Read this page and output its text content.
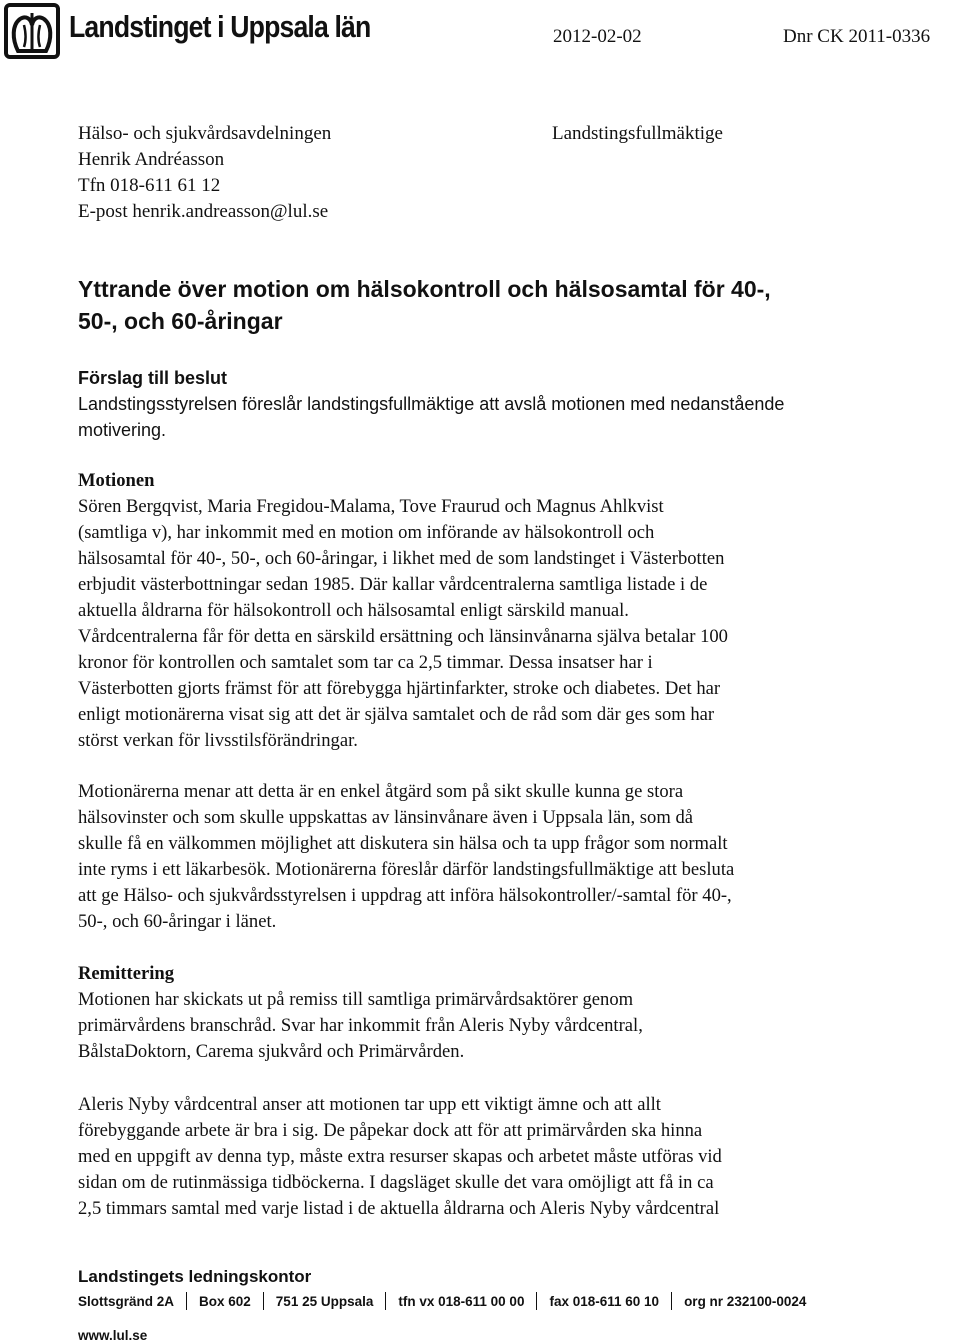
Landstinget i Uppsala län	2012-02-02	Dnr CK 2011-0336
Hälso- och sjukvårdsavdelningen
Henrik Andréasson
Tfn 018-611 61 12
E-post henrik.andreasson@lul.se
Landstingsfullmäktige
Yttrande över motion om hälsokontroll och hälsosamtal för 40-,
50-, och 60-åringar
Förslag till beslut
Landstingsstyrelsen föreslår landstingsfullmäktige att avslå motionen med nedanstående
motivering.
Motionen
Sören Bergqvist, Maria Fregidou-Malama, Tove Fraurud och Magnus Ahlkvist
(samtliga v), har inkommit med en motion om införande av hälsokontroll och
hälsosamtal för 40-, 50-, och 60-åringar, i likhet med de som landstinget i Västerbotten
erbjudit västerbottningar sedan 1985. Där kallar vårdcentralerna samtliga listade i de
aktuella åldrarna för hälsokontroll och hälsosamtal enligt särskild manual.
Vårdcentralerna får för detta en särskild ersättning och länsinvånarna själva betalar 100
kronor för kontrollen och samtalet som tar ca 2,5 timmar. Dessa insatser har i
Västerbotten gjorts främst för att förebygga hjärtinfarkter, stroke och diabetes. Det har
enligt motionärerna visat sig att det är själva samtalet och de råd som där ges som har
störst verkan för livsstilsförändringar.
Motionärerna menar att detta är en enkel åtgärd som på sikt skulle kunna ge stora
hälsovinster och som skulle uppskattas av länsinvånare även i Uppsala län, som då
skulle få en välkommen möjlighet att diskutera sin hälsa och ta upp frågor som normalt
inte ryms i ett läkarbesök. Motionärerna föreslår därför landstingsfullmäktige att besluta
att ge Hälso- och sjukvårdsstyrelsen i uppdrag att införa hälsokontroller/-samtal för 40-,
50-, och 60-åringar i länet.
Remittering
Motionen har skickats ut på remiss till samtliga primärvårdsaktörer genom
primärvårdens branschråd. Svar har inkommit från Aleris Nyby vårdcentral,
BålstaDoktorn, Carema sjukvård och Primärvården.
Aleris Nyby vårdcentral anser att motionen tar upp ett viktigt ämne och att allt
förebyggande arbete är bra i sig. De påpekar dock att för att primärvården ska hinna
med en uppgift av denna typ, måste extra resurser skapas och arbetet måste utföras vid
sidan om de rutinmässiga tidböckerna. I dagsläget skulle det vara omöjligt att få in ca
2,5 timmars samtal med varje listad i de aktuella åldrarna och Aleris Nyby vårdcentral
Landstingets ledningskontor
Slottsgränd 2A Box 602 751 25 Uppsala tfn vx 018-611 00 00 fax 018-611 60 10 org nr 232100-0024
www.lul.se
